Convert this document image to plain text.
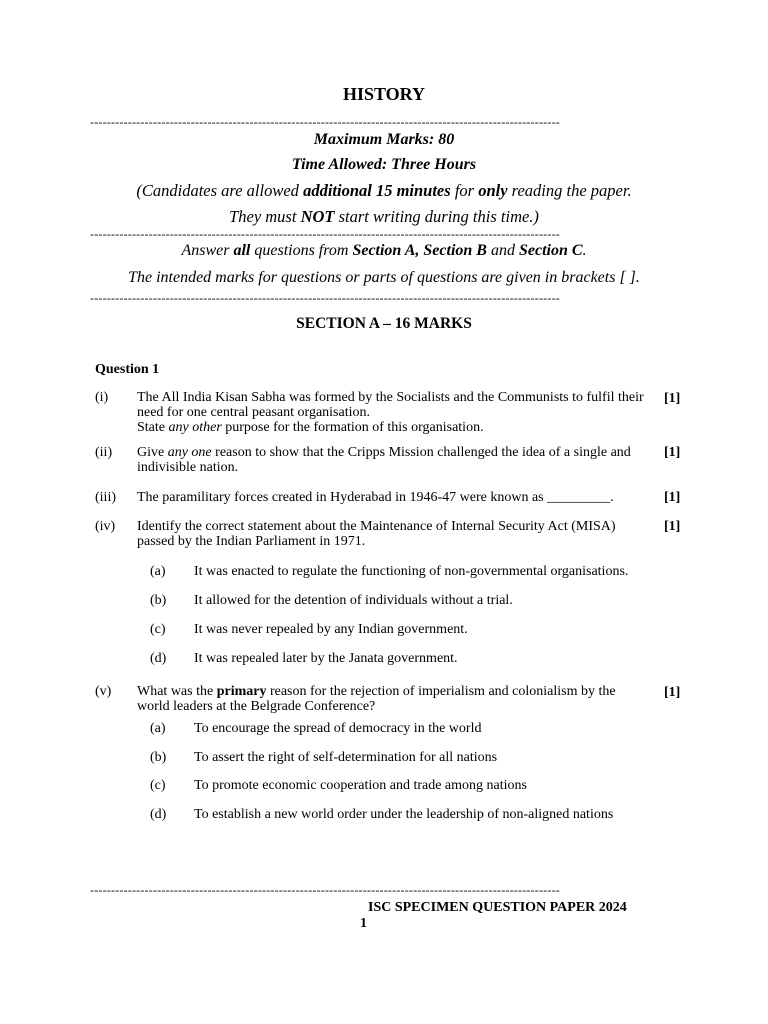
HISTORY
----------------------------------------------------------------------------------------------------------------
Maximum Marks: 80
Time Allowed: Three Hours
(Candidates are allowed additional 15 minutes for only reading the paper.
They must NOT start writing during this time.)
----------------------------------------------------------------------------------------------------------------
Answer all questions from Section A, Section B and Section C.
The intended marks for questions or parts of questions are given in brackets [ ].
----------------------------------------------------------------------------------------------------------------
SECTION A – 16 MARKS
Question 1
(i) The All India Kisan Sabha was formed by the Socialists and the Communists to fulfil their need for one central peasant organisation.
State any other purpose for the formation of this organisation.
[1]
(ii) Give any one reason to show that the Cripps Mission challenged the idea of a single and indivisible nation.
[1]
(iii) The paramilitary forces created in Hyderabad in 1946-47 were known as _________.	[1]
(iv) Identify the correct statement about the Maintenance of Internal Security Act (MISA) passed by the Indian Parliament in 1971.
[1]
(a) It was enacted to regulate the functioning of non-governmental organisations.
(b) It allowed for the detention of individuals without a trial.
(c) It was never repealed by any Indian government.
(d) It was repealed later by the Janata government.
(v) What was the primary reason for the rejection of imperialism and colonialism by the world leaders at the Belgrade Conference?
[1]
(a) To encourage the spread of democracy in the world
(b) To assert the right of self-determination for all nations
(c) To promote economic cooperation and trade among nations
(d) To establish a new world order under the leadership of non-aligned nations
----------------------------------------------------------------------------------------------------------------
ISC SPECIMEN QUESTION PAPER 2024
1
